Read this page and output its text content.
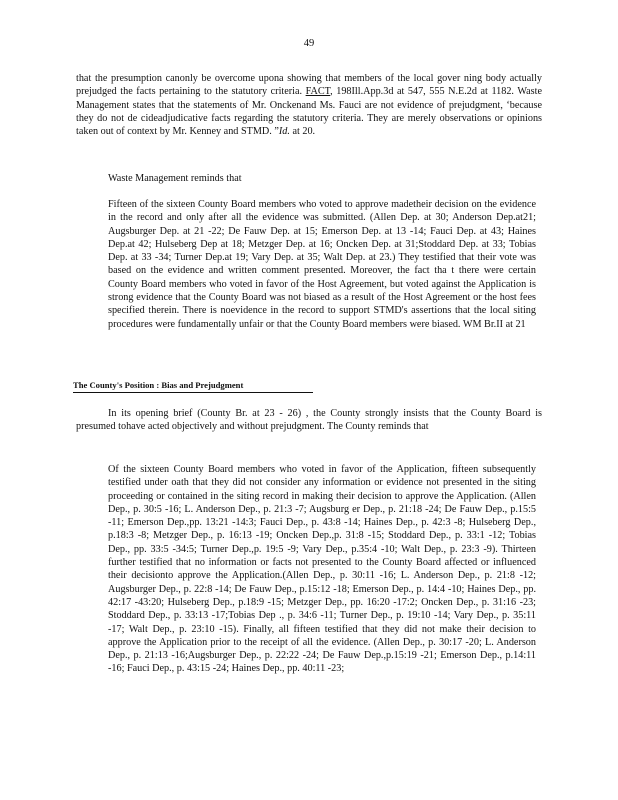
49

that the presumption canonly be overcome upona showing that members of the local gover ning body actually prejudged the facts pertaining to the statutory criteria. FACT, 198Ill.App.3d at 547, 555 N.E.2d at 1182. Waste Management states that the statements of Mr. Onckenand Ms. Fauci are not evidence of prejudgment, ‘because they do not de cideadjudicative facts regarding the statutory criteria. They are merely observations or opinions taken out of context by Mr. Kenney and STMD. ”Id. at 20.

Waste Management reminds that

Fifteen of the sixteen County Board members who voted to approve madetheir decision on the evidence in the record and only after all the evidence was submitted. (Allen Dep. at 30; Anderson Dep.at21; Augsburger Dep. at 21 -22; De Fauw Dep. at 15; Emerson Dep. at 13 -14; Fauci Dep. at 43; Haines Dep.at 42; Hulseberg Dep at 18; Metzger Dep. at 16; Oncken Dep. at 31;Stoddard Dep. at 33; Tobias Dep. at 33 -34; Turner Dep.at 19; Vary Dep. at 35; Walt Dep. at 23.) They testified that their vote was based on the evidence and written comment presented. Moreover, the fact tha t there were certain County Board members who voted in favor of the Host Agreement, but voted against the Application is strong evidence that the County Board was not biased as a result of the Host Agreement or the host fees specified therein. There is noevidence in the record to support STMD's assertions that the local siting procedures were fundamentally unfair or that the County Board members were biased. WM Br.II at 21

The County's Position : Bias and Prejudgment

In its opening brief (County Br. at 23 - 26) , the County strongly insists that the County Board is presumed tohave acted objectively and without prejudgment. The County reminds that

Of the sixteen County Board members who voted in favor of the Application, fifteen subsequently testified under oath that they did not consider any information or evidence not presented in the siting proceeding or contained in the siting record in making their decision to approve the Application. (Allen Dep., p. 30:5 -16; L. Anderson Dep., p. 21:3 -7; Augsburg er Dep., p. 21:18 -24; De Fauw Dep., p.15:5 -11; Emerson Dep.,pp. 13:21 -14:3; Fauci Dep., p. 43:8 -14; Haines Dep., p. 42:3 -8; Hulseberg Dep., p.18:3 -8; Metzger Dep., p. 16:13 -19; Oncken Dep.,p. 31:8 -15; Stoddard Dep., p. 33:1 -12; Tobias Dep., pp. 33:5 -34:5; Turner Dep.,p. 19:5 -9; Vary Dep., p.35:4 -10; Walt Dep., p. 23:3 -9). Thirteen further testified that no information or facts not presented to the County Board affected or influenced their decisionto approve the Application.(Allen Dep., p. 30:11 -16; L. Anderson Dep., p. 21:8 -12; Augsburger Dep., p. 22:8 -14; De Fauw Dep., p.15:12 -18; Emerson Dep., p. 14:4 -10; Haines Dep., pp. 42:17 -43:20; Hulseberg Dep., p.18:9 -15; Metzger Dep., pp. 16:20 -17:2; Oncken Dep., p. 31:16 -23; Stoddard Dep., p. 33:13 -17;Tobias Dep ., p. 34:6 -11; Turner Dep., p. 19:10 -14; Vary Dep., p. 35:11 -17; Walt Dep., p. 23:10 -15). Finally, all fifteen testified that they did not make their decision to approve the Application prior to the receipt of all the evidence. (Allen Dep., p. 30:17 -20; L. Anderson Dep., p. 21:13 -16;Augsburger Dep., p. 22:22 -24; De Fauw Dep.,p.15:19 -21; Emerson Dep., p.14:11 -16; Fauci Dep., p. 43:15 -24; Haines Dep., pp. 40:11 -23;
